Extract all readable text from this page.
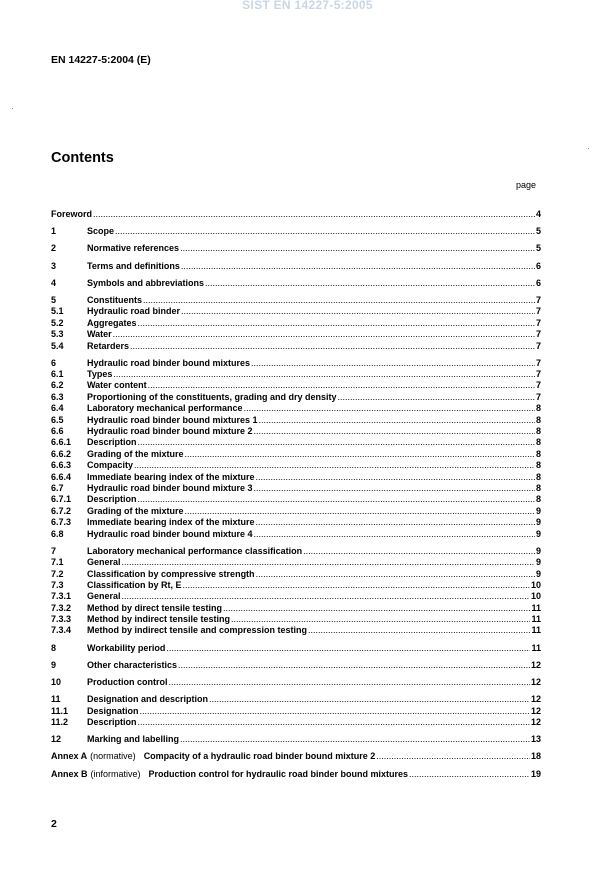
SIST EN 14227-5:2005
EN 14227-5:2004 (E)
Contents
page
Foreword .....	4
1	Scope .....	5
2	Normative references .....	5
3	Terms and definitions .....	6
4	Symbols and abbreviations .....	6
5	Constituents .....	7
5.1	Hydraulic road binder .....	7
5.2	Aggregates .....	7
5.3	Water .....	7
5.4	Retarders .....	7
6	Hydraulic road binder bound mixtures .....	7
6.1	Types .....	7
6.2	Water content .....	7
6.3	Proportioning of the constituents, grading and dry density .....	7
6.4	Laboratory mechanical performance .....	8
6.5	Hydraulic road binder bound mixtures 1 .....	8
6.6	Hydraulic road binder bound mixture 2 .....	8
6.6.1	Description .....	8
6.6.2	Grading of the mixture .....	8
6.6.3	Compacity .....	8
6.6.4	Immediate bearing index of the mixture .....	8
6.7	Hydraulic road binder bound mixture 3 .....	8
6.7.1	Description .....	8
6.7.2	Grading of the mixture .....	9
6.7.3	Immediate bearing index of the mixture .....	9
6.8	Hydraulic road binder bound mixture 4 .....	9
7	Laboratory mechanical performance classification .....	9
7.1	General .....	9
7.2	Classification by compressive strength .....	9
7.3	Classification by Rt, E .....	10
7.3.1	General .....	10
7.3.2	Method by direct tensile testing .....	11
7.3.3	Method by indirect tensile testing .....	11
7.3.4	Method by indirect tensile and compression testing .....	11
8	Workability period .....	11
9	Other characteristics .....	12
10	Production control .....	12
11	Designation and description .....	12
11.1	Designation .....	12
11.2	Description .....	12
12	Marking and labelling .....	13
Annex A (normative) Compacity of a hydraulic road binder bound mixture 2 .....	18
Annex B (informative) Production control for hydraulic road binder bound mixtures .....	19
2
